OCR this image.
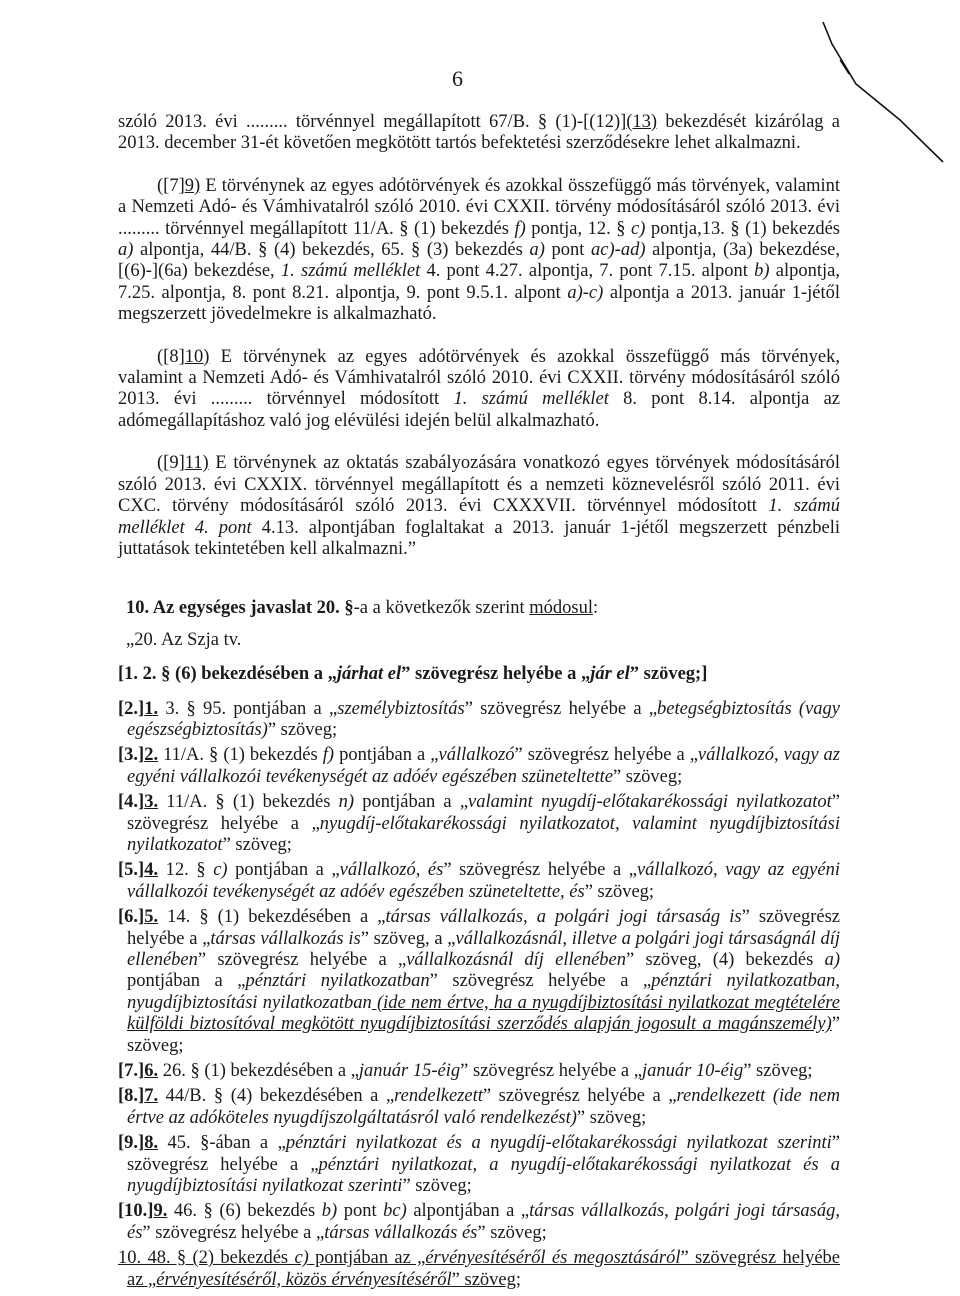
6

szóló 2013. évi ......... törvénnyel megállapított 67/B. § (1)-[(12)](13) bekezdését kizárólag a 2013. december 31-ét követően megkötött tartós befektetési szerződésekre lehet alkalmazni.

([7]9) E törvénynek az egyes adótörvények és azokkal összefüggő más törvények, valamint a Nemzeti Adó- és Vámhivatalról szóló 2010. évi CXXII. törvény módosításáról szóló 2013. évi ......... törvénnyel megállapított 11/A. § (1) bekezdés f) pontja, 12. § c) pontja,13. § (1) bekezdés a) alpontja, 44/B. § (4) bekezdés, 65. § (3) bekezdés a) pont ac)-ad) alpontja, (3a) bekezdése, [(6)-](6a) bekezdése, 1. számú melléklet 4. pont 4.27. alpontja, 7. pont 7.15. alpont b) alpontja, 7.25. alpontja, 8. pont 8.21. alpontja, 9. pont 9.5.1. alpont a)-c) alpontja a 2013. január 1-jétől megszerzett jövedelmekre is alkalmazható.

([8]10) E törvénynek az egyes adótörvények és azokkal összefüggő más törvények, valamint a Nemzeti Adó- és Vámhivatalról szóló 2010. évi CXXII. törvény módosításáról szóló 2013. évi ......... törvénnyel módosított 1. számú melléklet 8. pont 8.14. alpontja az adómegállapításhoz való jog elévülési idején belül alkalmazható.

([9]11) E törvénynek az oktatás szabályozására vonatkozó egyes törvények módosításáról szóló 2013. évi CXXIX. törvénnyel megállapított és a nemzeti köznevelésről szóló 2011. évi CXC. törvény módosításáról szóló 2013. évi CXXXVII. törvénnyel módosított 1. számú melléklet 4. pont 4.13. alpontjában foglaltakat a 2013. január 1-jétől megszerzett pénzbeli juttatások tekintetében kell alkalmazni.”

10. Az egységes javaslat 20. §-a a következők szerint módosul:

„20. Az Szja tv.

[1. 2. § (6) bekezdésében a „járhat el” szövegrész helyébe a „jár el” szöveg;]

[2.]1. 3. § 95. pontjában a „személybiztosítás” szövegrész helyébe a „betegségbiztosítás (vagy egészségbiztosítás)” szöveg;

[3.]2. 11/A. § (1) bekezdés f) pontjában a „vállalkozó” szövegrész helyébe a „vállalkozó, vagy az egyéni vállalkozói tevékenységét az adóév egészében szüneteltette” szöveg;

[4.]3. 11/A. § (1) bekezdés n) pontjában a „valamint nyugdíj-előtakarékossági nyilatkozatot” szövegrész helyébe a „nyugdíj-előtakarékossági nyilatkozatot, valamint nyugdíjbiztosítási nyilatkozatot” szöveg;

[5.]4. 12. § c) pontjában a „vállalkozó, és” szövegrész helyébe a „vállalkozó, vagy az egyéni vállalkozói tevékenységét az adóév egészében szüneteltette, és” szöveg;

[6.]5. 14. § (1) bekezdésében a „társas vállalkozás, a polgári jogi társaság is” szövegrész helyébe a „társas vállalkozás is” szöveg, a „vállalkozásnál, illetve a polgári jogi társaságnál díj ellenében” szövegrész helyébe a „vállalkozásnál díj ellenében” szöveg, (4) bekezdés a) pontjában a „pénztári nyilatkozatban” szövegrész helyébe a „pénztári nyilatkozatban, nyugdíjbiztosítási nyilatkozatban (ide nem értve, ha a nyugdíjbiztosítási nyilatkozat megtételére külföldi biztosítóval megkötött nyugdíjbiztosítási szerződés alapján jogosult a magánszemély)” szöveg;

[7.]6. 26. § (1) bekezdésében a „január 15-éig” szövegrész helyébe a „január 10-éig” szöveg;

[8.]7. 44/B. § (4) bekezdésében a „rendelkezett” szövegrész helyébe a „rendelkezett (ide nem értve az adóköteles nyugdíjszolgáltatásról való rendelkezést)” szöveg;

[9.]8. 45. §-ában a „pénztári nyilatkozat és a nyugdíj-előtakarékossági nyilatkozat szerinti” szövegrész helyébe a „pénztári nyilatkozat, a nyugdíj-előtakarékossági nyilatkozat és a nyugdíjbiztosítási nyilatkozat szerinti” szöveg;

[10.]9. 46. § (6) bekezdés b) pont bc) alpontjában a „társas vállalkozás, polgári jogi társaság, és” szövegrész helyébe a „társas vállalkozás és” szöveg;

10. 48. § (2) bekezdés c) pontjában az „érvényesítéséről és megosztásáról” szövegrész helyébe az „érvényesítéséről, közös érvényesítéséről” szöveg;
